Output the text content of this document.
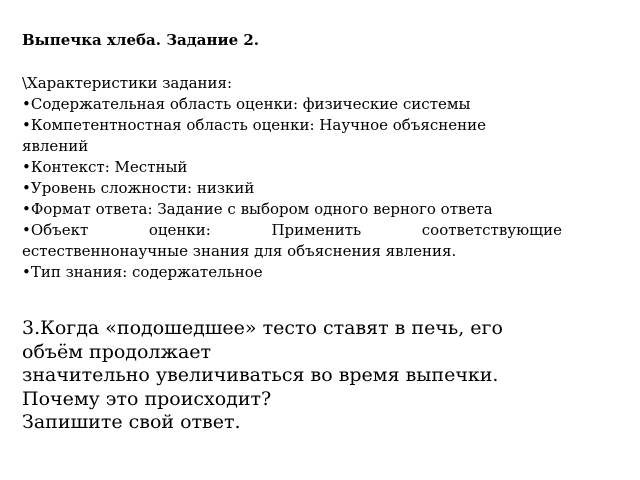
Выпечка хлеба. Задание 2.
\Характеристики задания:
•Содержательная область оценки: физические системы
•Компетентностная область оценки: Научное объяснение
явлений
•Контекст: Местный
•Уровень сложности: низкий
•Формат ответа: Задание с выбором одного верного ответа
•Объект оценки: Применить соответствующие
естественнонаучные знания для объяснения явления.
•Тип знания: содержательное
3.Когда «подошедшее» тесто ставят в печь, его
объём продолжает
значительно увеличиваться во время выпечки.
Почему это происходит?
Запишите свой ответ.
